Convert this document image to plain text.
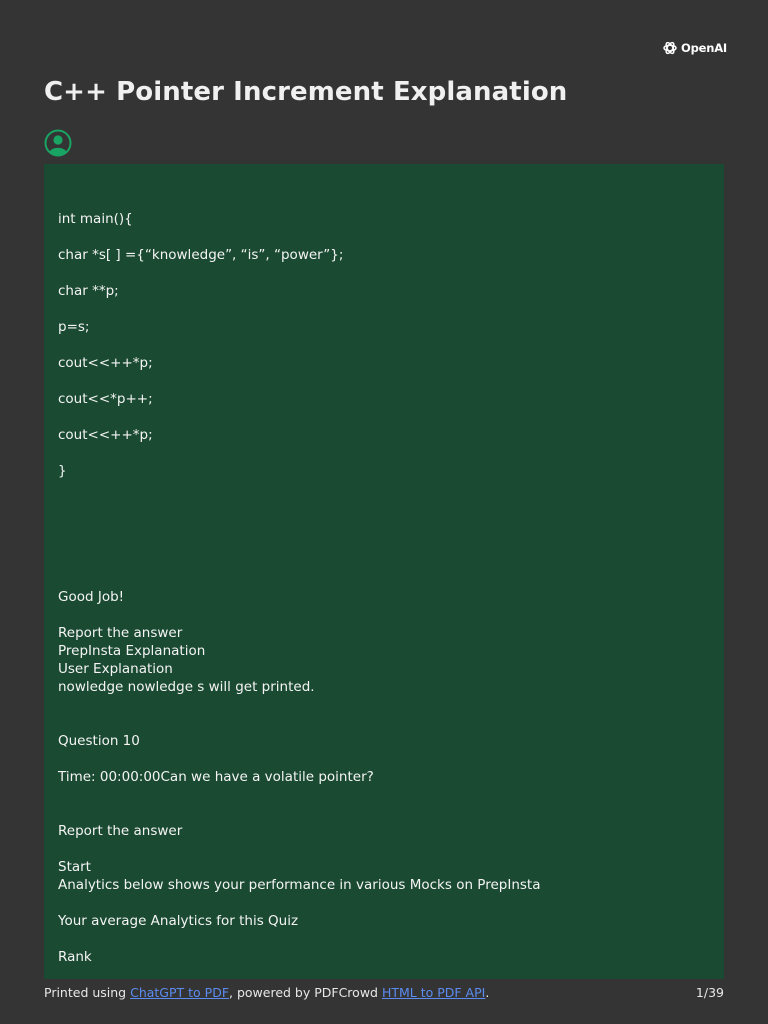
OpenAI
C++ Pointer Increment Explanation
int main(){
char *s[ ] ={“knowledge”, “is”, “power”};
char **p;
p=s;
cout<<++*p;
cout<<*p++;
cout<<++*p;
}
Good Job!
Report the answer
PrepInsta Explanation
User Explanation
nowledge nowledge s will get printed.
Question 10
Time: 00:00:00Can we have a volatile pointer?
Report the answer
Start
Analytics below shows your performance in various Mocks on PrepInsta
Your average Analytics for this Quiz
Rank
Printed using ChatGPT to PDF, powered by PDFCrowd HTML to PDF API.	1/39
